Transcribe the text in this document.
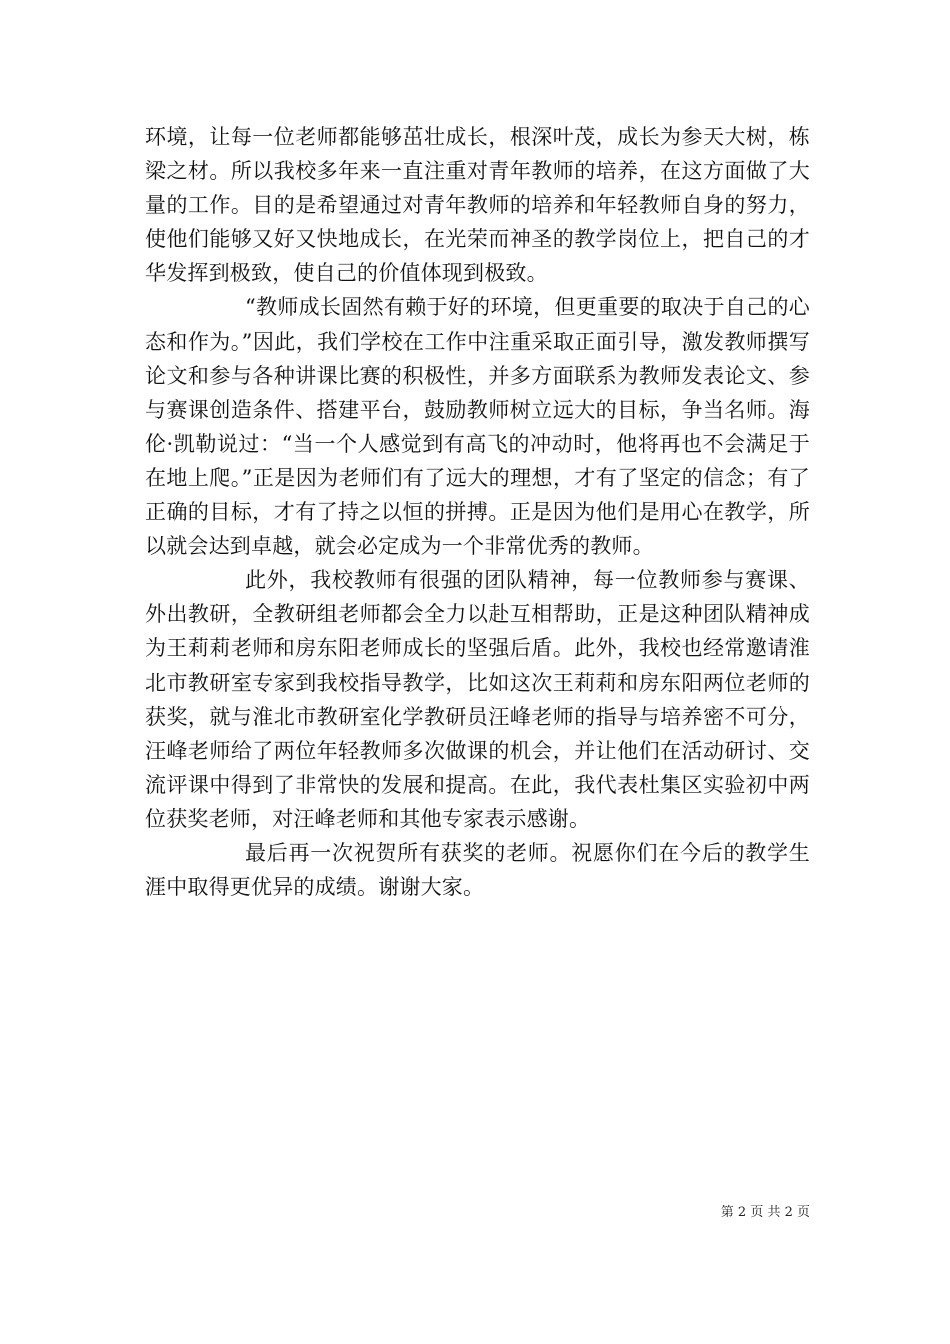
环境，让每一位老师都能够茁壮成长，根深叶茂，成长为参天大树，栋梁之材。所以我校多年来一直注重对青年教师的培养，在这方面做了大量的工作。目的是希望通过对青年教师的培养和年轻教师自身的努力，使他们能够又好又快地成长，在光荣而神圣的教学岗位上，把自己的才华发挥到极致，使自己的价值体现到极致。

“教师成长固然有赖于好的环境，但更重要的取决于自己的心态和作为。”因此，我们学校在工作中注重采取正面引导，激发教师撰写论文和参与各种讲课比赛的积极性，并多方面联系为教师发表论文、参与赛课创造条件、搭建平台，鼓励教师树立远大的目标，争当名师。海伦·凯勒说过：“当一个人感觉到有高飞的冲动时，他将再也不会满足于在地上爬。”正是因为老师们有了远大的理想，才有了坚定的信念；有了正确的目标，才有了持之以恒的拼搏。正是因为他们是用心在教学，所以就会达到卓越，就会必定成为一个非常优秀的教师。

此外，我校教师有很强的团队精神，每一位教师参与赛课、外出教研，全教研组老师都会全力以赴互相帮助，正是这种团队精神成为王莉莉老师和房东阳老师成长的坚强后盾。此外，我校也经常邀请淮北市教研室专家到我校指导教学，比如这次王莉莉和房东阳两位老师的获奖，就与淮北市教研室化学教研员汪峰老师的指导与培养密不可分，汪峰老师给了两位年轻教师多次做课的机会，并让他们在活动研讨、交流评课中得到了非常快的发展和提高。在此，我代表杜集区实验初中两位获奖老师，对汪峰老师和其他专家表示感谢。

最后再一次祝贺所有获奖的老师。祝愿你们在今后的教学生涯中取得更优异的成绩。谢谢大家。

第 2 页 共 2 页
